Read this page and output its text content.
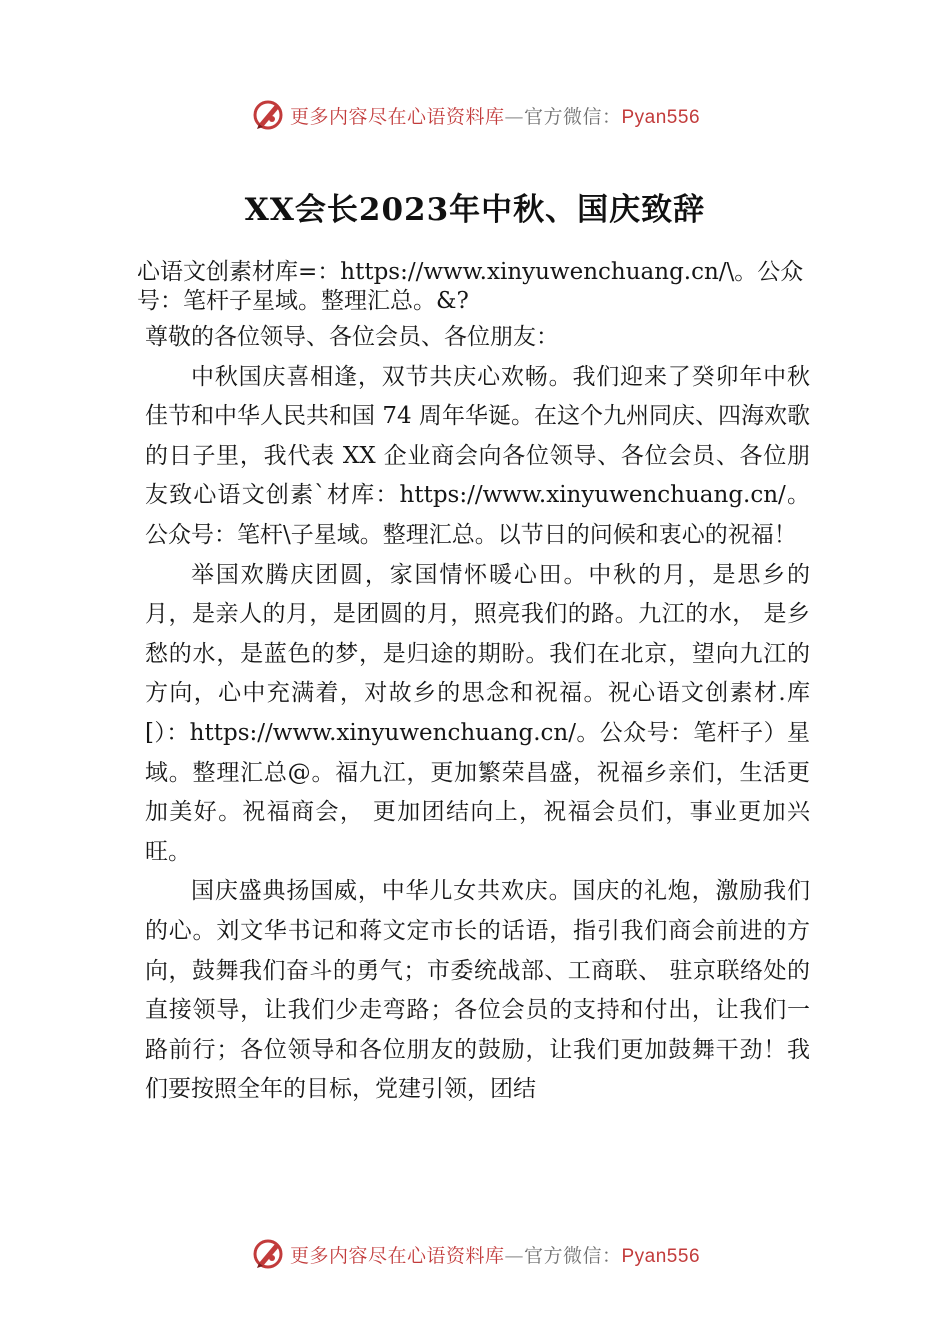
更多内容尽在心语资料库—官方微信：Pyan556
XX会长2023年中秋、国庆致辞
心语文创素材库=：https://www.xinyuwenchuang.cn/\。公众号：笔杆子星域。整理汇总。&?
尊敬的各位领导、各位会员、各位朋友：

中秋国庆喜相逢，双节共庆心欢畅。我们迎来了癸卯年中秋佳节和中华人民共和国 74 周年华诞。在这个九州同庆、四海欢歌的日子里，我代表 XX 企业商会向各位领导、各位会员、各位朋友致心语文创素`材库：https://www.xinyuwenchuang.cn/。公众号：笔杆\子星域。整理汇总。以节日的问候和衷心的祝福！

举国欢腾庆团圆，家国情怀暖心田。中秋的月，是思乡的月，是亲人的月，是团圆的月，照亮我们的路。九江的水， 是乡愁的水，是蓝色的梦，是归途的期盼。我们在北京，望向九江的方向，心中充满着，对故乡的思念和祝福。祝心语文创素材.库[）：https://www.xinyuwenchuang.cn/。公众号：笔杆子）星域。整理汇总@。福九江，更加繁荣昌盛，祝福乡亲们，生活更加美好。祝福商会， 更加团结向上，祝福会员们，事业更加兴旺。

国庆盛典扬国威，中华儿女共欢庆。国庆的礼炮，激励我们的心。刘文华书记和蒋文定市长的话语，指引我们商会前进的方向，鼓舞我们奋斗的勇气；市委统战部、工商联、 驻京联络处的直接领导，让我们少走弯路；各位会员的支持和付出，让我们一路前行；各位领导和各位朋友的鼓励，让我们更加鼓舞干劲！我们要按照全年的目标，党建引领，团结

更多内容尽在心语资料库—官方微信：Pyan556
